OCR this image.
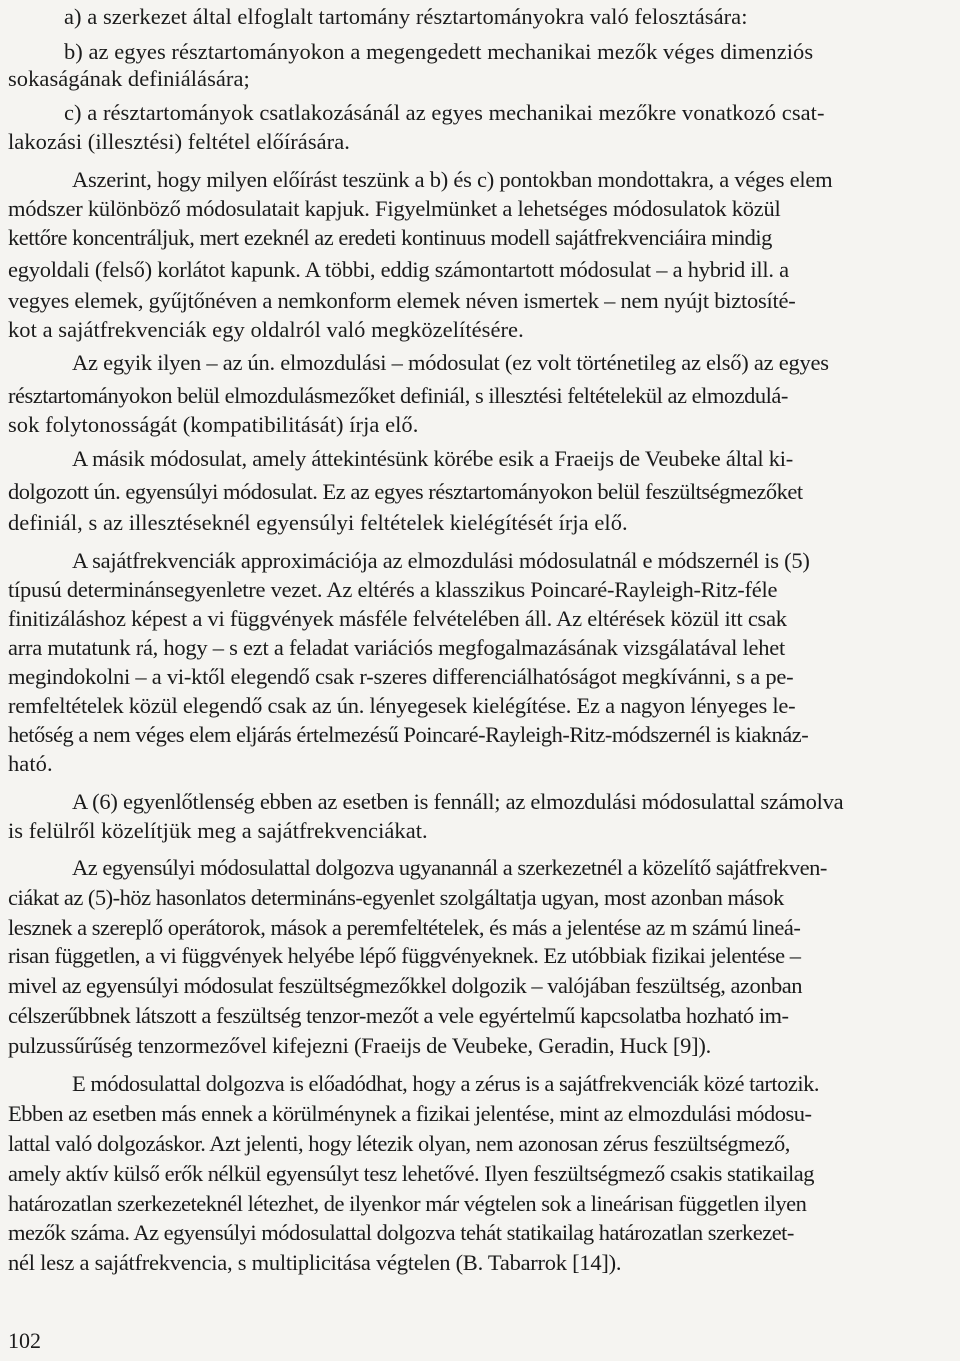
a) a szerkezet által elfoglalt tartomány résztartományokra való felosztására:
b) az egyes résztartományokon a megengedett mechanikai mezők véges dimenziós
sokaságának definiálására;
c) a résztartományok csatlakozásánál az egyes mechanikai mezőkre vonatkozó csat-
lakozási (illesztési) feltétel előírására.
Aszerint, hogy milyen előírást teszünk a b) és c) pontokban mondottakra, a véges elem
módszer különböző módosulatait kapjuk. Figyelmünket a lehetséges módosulatok közül
kettőre koncentráljuk, mert ezeknél az eredeti kontinuus modell sajátfrekvenciáira mindig
egyoldali (felső) korlátot kapunk. A többi, eddig számontartott módosulat – a hybrid ill. a
vegyes elemek, gyűjtőnéven a nemkonform elemek néven ismertek – nem nyújt biztosíté-
kot a sajátfrekvenciák egy oldalról való megközelítésére.
Az egyik ilyen – az ún. elmozdulási – módosulat (ez volt történetileg az első) az egyes
résztartományokon belül elmozdulásmezőket definiál, s illesztési feltételekül az elmozdulá-
sok folytonosságát (kompatibilitását) írja elő.
A másik módosulat, amely áttekintésünk körébe esik a Fraeijs de Veubeke által ki-
dolgozott ún. egyensúlyi módosulat. Ez az egyes résztartományokon belül feszültségmezőket
definiál, s az illesztéseknél egyensúlyi feltételek kielégítését írja elő.
A sajátfrekvenciák approximációja az elmozdulási módosulatnál e módszernél is (5)
típusú determinánsegyenletre vezet. Az eltérés a klasszikus Poincaré-Rayleigh-Ritz-féle
finitizáláshoz képest a vi függvények másféle felvételében áll. Az eltérések közül itt csak
arra mutatunk rá, hogy – s ezt a feladat variációs megfogalmazásának vizsgálatával lehet
megindokolni – a vi-ktől elegendő csak r-szeres differenciálhatóságot megkívánni, s a pe-
remfeltételek közül elegendő csak az ún. lényegesek kielégítése. Ez a nagyon lényeges le-
hetőség a nem véges elem eljárás értelmezésű Poincaré-Rayleigh-Ritz-módszernél is kiaknáz-
ható.
A (6) egyenlőtlenség ebben az esetben is fennáll; az elmozdulási módosulattal számolva
is felülről közelítjük meg a sajátfrekvenciákat.
Az egyensúlyi módosulattal dolgozva ugyanannál a szerkezetnél a közelítő sajátfrekven-
ciákat az (5)-höz hasonlatos determináns-egyenlet szolgáltatja ugyan, most azonban mások
lesznek a szereplő operátorok, mások a peremfeltételek, és más a jelentése az m számú lineá-
risan független, a vi függvények helyébe lépő függvényeknek. Ez utóbbiak fizikai jelentése –
mivel az egyensúlyi módosulat feszültségmezőkkel dolgozik – valójában feszültség, azonban
célszerűbbnek látszott a feszültség tenzor-mezőt a vele egyértelmű kapcsolatba hozható im-
pulzussűrűség tenzormezővel kifejezni (Fraeijs de Veubeke, Geradin, Huck [9]).
E módosulattal dolgozva is előadódhat, hogy a zérus is a sajátfrekvenciák közé tartozik.
Ebben az esetben más ennek a körülménynek a fizikai jelentése, mint az elmozdulási módosu-
lattal való dolgozáskor. Azt jelenti, hogy létezik olyan, nem azonosan zérus feszültségmező,
amely aktív külső erők nélkül egyensúlyt tesz lehetővé. Ilyen feszültségmező csakis statikailag
határozatlan szerkezeteknél létezhet, de ilyenkor már végtelen sok a lineárisan független ilyen
mezők száma. Az egyensúlyi módosulattal dolgozva tehát statikailag határozatlan szerkezet-
nél lesz a sajátfrekvencia, s multiplicitása végtelen (B. Tabarrok [14]).
102
